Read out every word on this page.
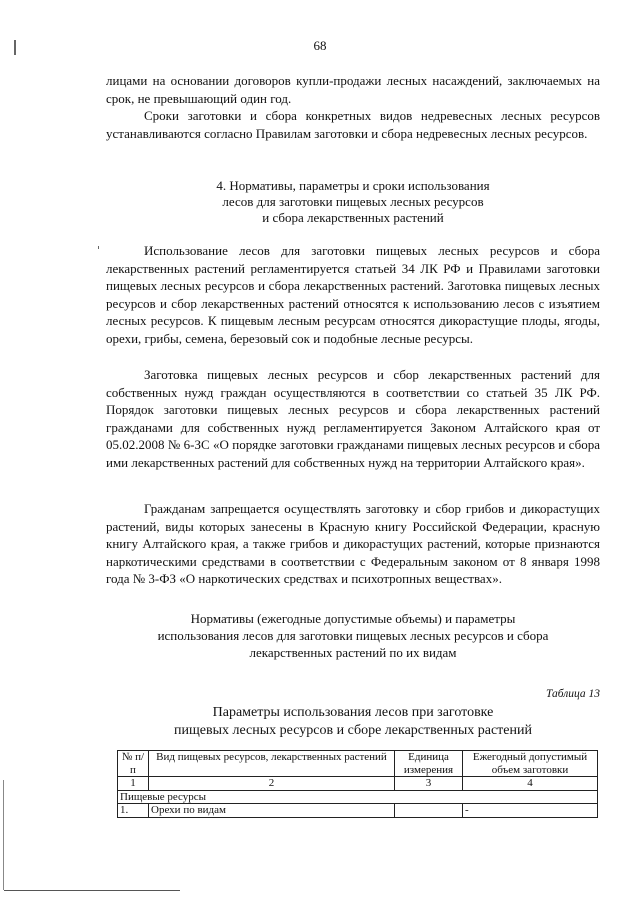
68

лицами на основании договоров купли-продажи лесных насаждений, заключаемых на срок, не превышающий один год.

Сроки заготовки и сбора конкретных видов недревесных лесных ресурсов устанавливаются согласно Правилам заготовки и сбора недревесных лесных ресурсов.

4. Нормативы, параметры и сроки использования
лесов для заготовки пищевых лесных ресурсов
и сбора лекарственных растений

Использование лесов для заготовки пищевых лесных ресурсов и сбора лекарственных растений регламентируется статьей 34 ЛК РФ и Правилами заготовки пищевых лесных ресурсов и сбора лекарственных растений. Заготовка пищевых лесных ресурсов и сбор лекарственных растений относятся к использованию лесов с изъятием лесных ресурсов. К пищевым лесным ресурсам относятся дикорастущие плоды, ягоды, орехи, грибы, семена, березовый сок и подобные лесные ресурсы.

Заготовка пищевых лесных ресурсов и сбор лекарственных растений для собственных нужд граждан осуществляются в соответствии со статьей 35 ЛК РФ. Порядок заготовки пищевых лесных ресурсов и сбора лекарственных растений гражданами для собственных нужд регламентируется Законом Алтайского края от 05.02.2008 № 6-ЗС «О порядке заготовки гражданами пищевых лесных ресурсов и сбора ими лекарственных растений для собственных нужд на территории Алтайского края».

Гражданам запрещается осуществлять заготовку и сбор грибов и дикорастущих растений, виды которых занесены в Красную книгу Российской Федерации, красную книгу Алтайского края, а также грибов и дикорастущих растений, которые признаются наркотическими средствами в соответствии с Федеральным законом от 8 января 1998 года № 3-ФЗ «О наркотических средствах и психотропных веществах».

Нормативы (ежегодные допустимые объемы) и параметры
использования лесов для заготовки пищевых лесных ресурсов и сбора
лекарственных растений по их видам
Таблица 13
Параметры использования лесов при заготовке
пищевых лесных ресурсов и сборе лекарственных растений
№ п/п	Вид пищевых ресурсов, лекарственных растений	Единица измерения	Ежегодный допустимый объем заготовки
1	2	3	4
Пищевые ресурсы			
1.	Орехи по видам		-
